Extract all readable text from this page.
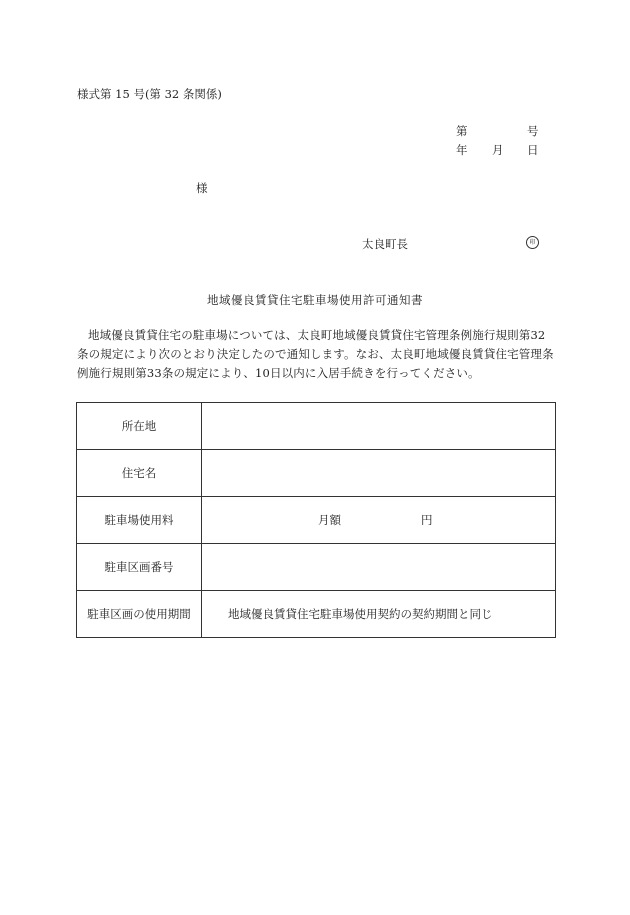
様式第 15 号(第 32 条関係)
第	号
年 月 日
様
太良町長	印
地域優良賃貸住宅駐車場使用許可通知書
地域優良賃貸住宅の駐車場については、太良町地域優良賃貸住宅管理条例施行規則第32条の規定により次のとおり決定したので通知します。なお、太良町地域優良賃貸住宅管理条例施行規則第33条の規定により、10日以内に入居手続きを行ってください。
所在地	
住宅名	
駐車場使用料	月額 円
駐車区画番号	
駐車区画の使用期間	地域優良賃貸住宅駐車場使用契約の契約期間と同じ
